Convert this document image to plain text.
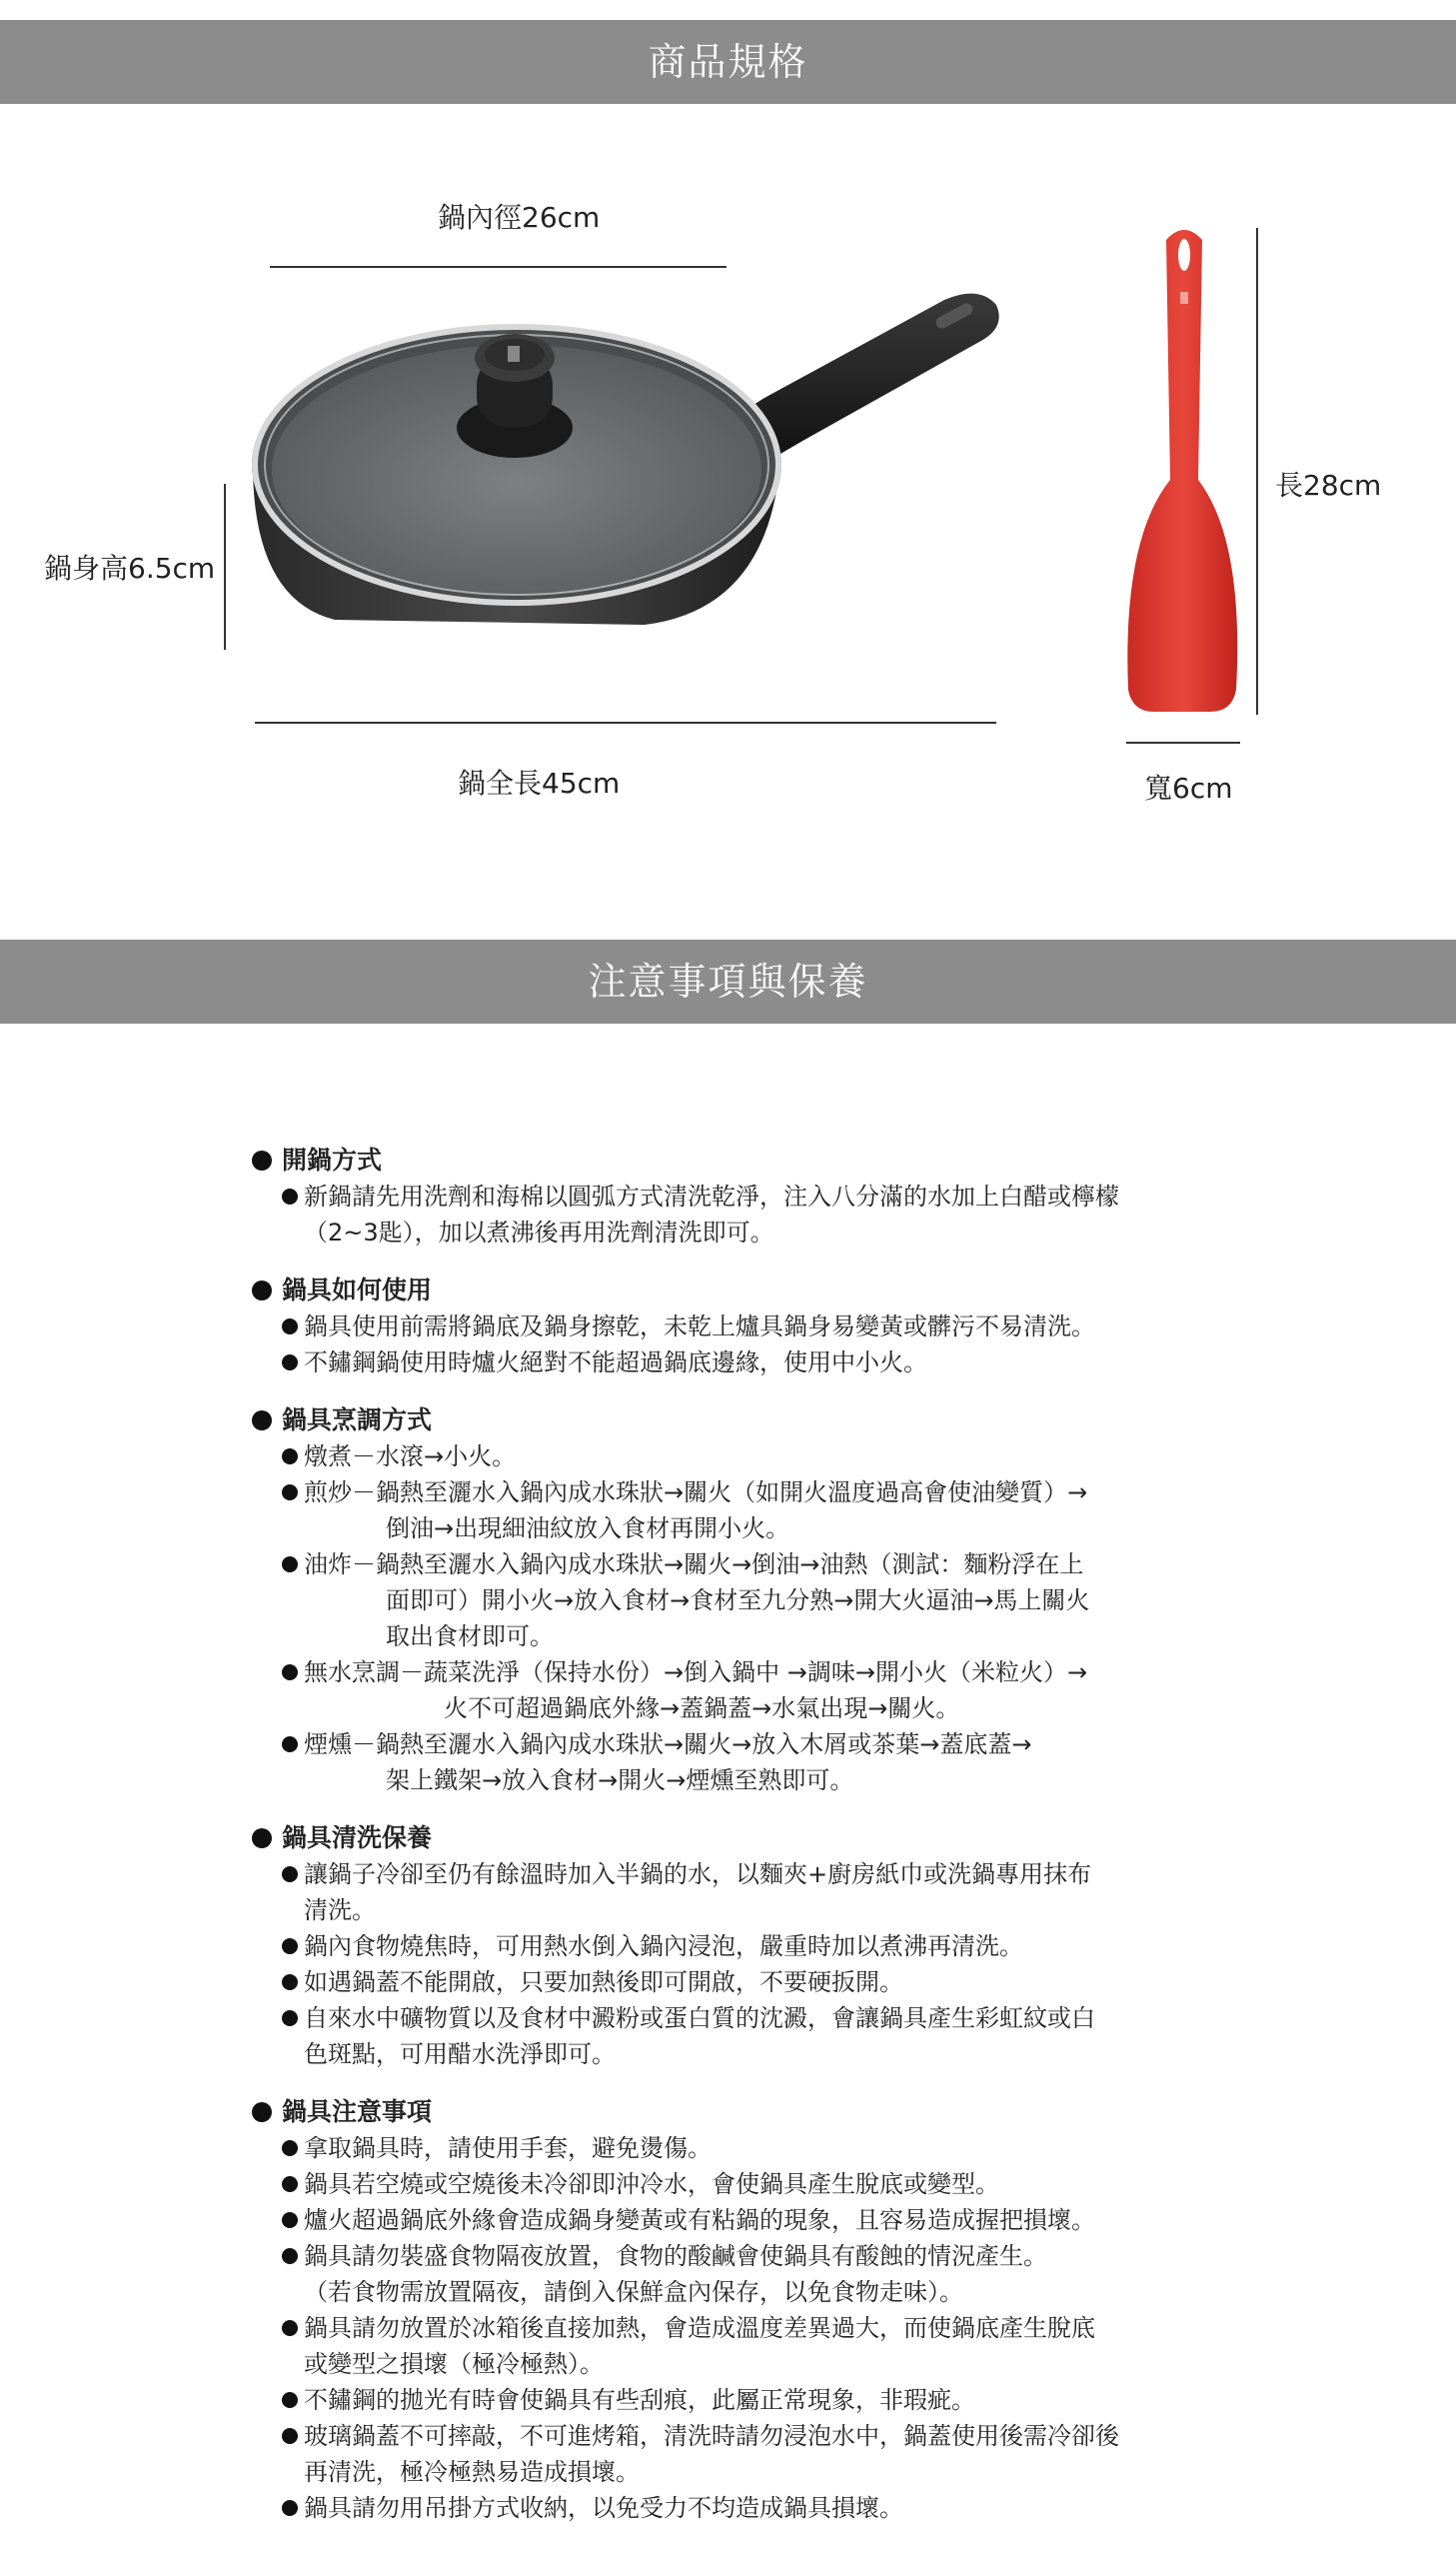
商品規格
鍋內徑26cm
鍋身高6.5cm
鍋全長45cm
長28cm
寬6cm
注意事項與保養
開鍋方式
新鍋請先用洗劑和海棉以圓弧方式清洗乾淨，注入八分滿的水加上白醋或檸檬
（2~3匙），加以煮沸後再用洗劑清洗即可。
鍋具如何使用
鍋具使用前需將鍋底及鍋身擦乾，未乾上爐具鍋身易變黃或髒污不易清洗。
不鏽鋼鍋使用時爐火絕對不能超過鍋底邊緣，使用中小火。
鍋具烹調方式
燉煮－水滾→小火。
煎炒－鍋熱至灑水入鍋內成水珠狀→關火（如開火溫度過高會使油變質）→
倒油→出現細油紋放入食材再開小火。
油炸－鍋熱至灑水入鍋內成水珠狀→關火→倒油→油熱（測試：麵粉浮在上
面即可）開小火→放入食材→食材至九分熟→開大火逼油→馬上關火
取出食材即可。
無水烹調－蔬菜洗淨（保持水份）→倒入鍋中 →調味→開小火（米粒火）→
火不可超過鍋底外緣→蓋鍋蓋→水氣出現→關火。
煙燻－鍋熱至灑水入鍋內成水珠狀→關火→放入木屑或茶葉→蓋底蓋→
架上鐵架→放入食材→開火→煙燻至熟即可。
鍋具清洗保養
讓鍋子冷卻至仍有餘溫時加入半鍋的水，以麵夾+廚房紙巾或洗鍋專用抹布
清洗。
鍋內食物燒焦時，可用熱水倒入鍋內浸泡，嚴重時加以煮沸再清洗。
如遇鍋蓋不能開啟，只要加熱後即可開啟，不要硬扳開。
自來水中礦物質以及食材中澱粉或蛋白質的沈澱，會讓鍋具產生彩虹紋或白
色斑點，可用醋水洗淨即可。
鍋具注意事項
拿取鍋具時，請使用手套，避免燙傷。
鍋具若空燒或空燒後未冷卻即沖冷水，會使鍋具產生脫底或變型。
爐火超過鍋底外緣會造成鍋身變黃或有粘鍋的現象，且容易造成握把損壞。
鍋具請勿裝盛食物隔夜放置，食物的酸鹹會使鍋具有酸蝕的情況產生。
（若食物需放置隔夜，請倒入保鮮盒內保存，以免食物走味）。
鍋具請勿放置於冰箱後直接加熱，會造成溫度差異過大，而使鍋底產生脫底
或變型之損壞（極冷極熱）。
不鏽鋼的拋光有時會使鍋具有些刮痕，此屬正常現象，非瑕疵。
玻璃鍋蓋不可摔敲，不可進烤箱，清洗時請勿浸泡水中，鍋蓋使用後需冷卻後
再清洗，極冷極熱易造成損壞。
鍋具請勿用吊掛方式收納，以免受力不均造成鍋具損壞。
